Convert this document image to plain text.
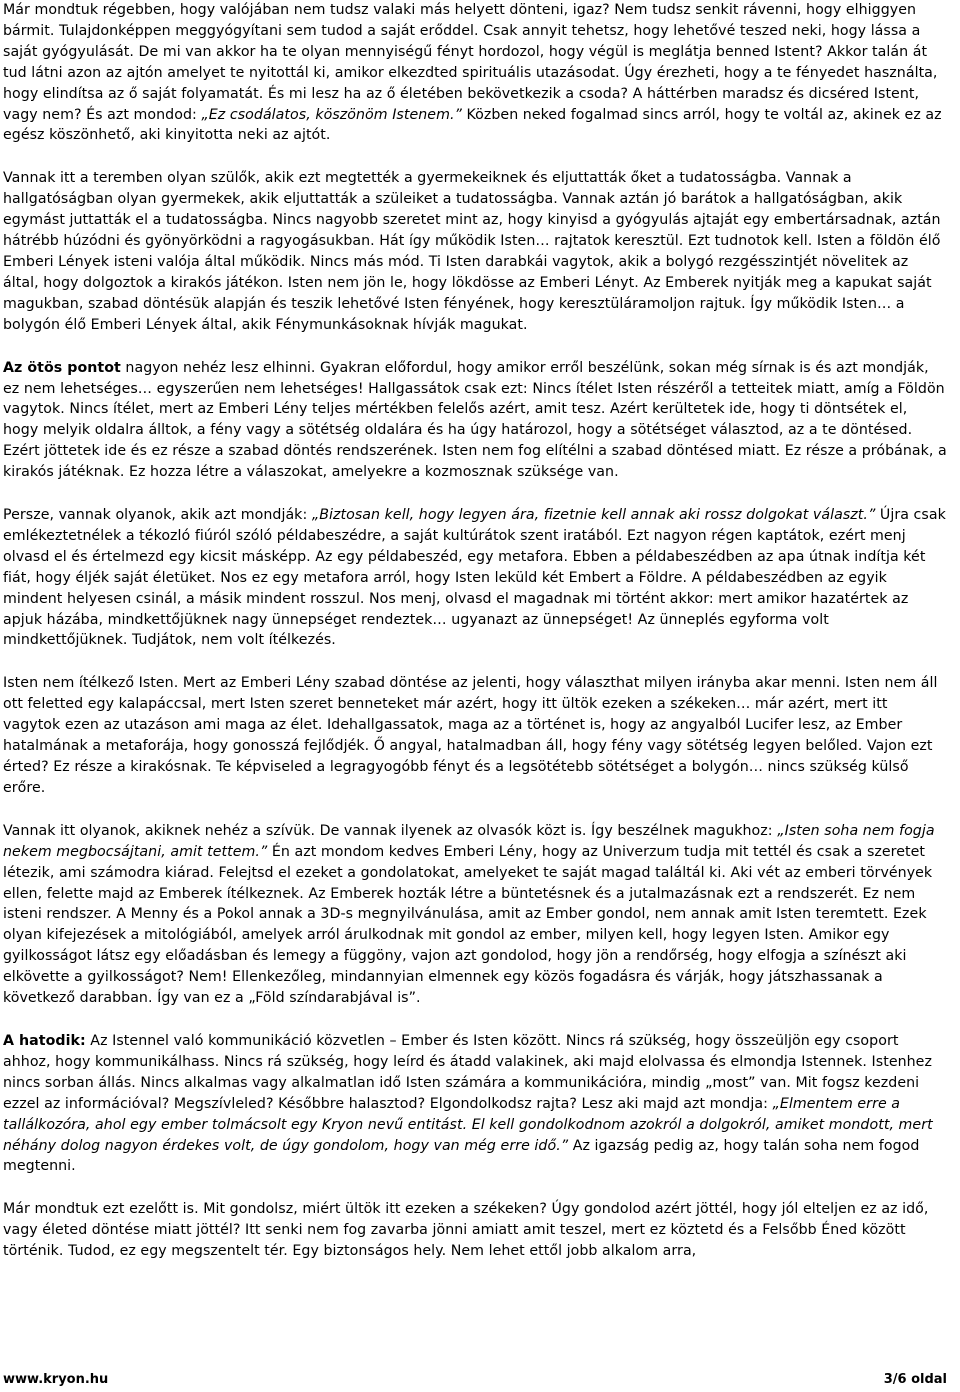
Már mondtuk régebben, hogy valójában nem tudsz valaki más helyett dönteni, igaz? Nem tudsz senkit rávenni, hogy elhiggyen bármit. Tulajdonképpen meggyógyítani sem tudod a saját erőddel. Csak annyit tehetsz, hogy lehetővé teszed neki, hogy lássa a saját gyógyulását. De mi van akkor ha te olyan mennyiségű fényt hordozol, hogy végül is meglátja benned Istent? Akkor talán át tud látni azon az ajtón amelyet te nyitottál ki, amikor elkezdted spirituális utazásodat. Úgy érezheti, hogy a te fényedet használta, hogy elindítsa az ő saját folyamatát. És mi lesz ha az ő életében bekövetkezik a csoda? A háttérben maradsz és dicséred Istent, vagy nem? És azt mondod: „Ez csodálatos, köszönöm Istenem.” Közben neked fogalmad sincs arról, hogy te voltál az, akinek ez az egész köszönhető, aki kinyitotta neki az ajtót.

Vannak itt a teremben olyan szülők, akik ezt megtették a gyermekeiknek és eljuttatták őket a tudatosságba. Vannak a hallgatóságban olyan gyermekek, akik eljuttatták a szüleiket a tudatosságba. Vannak aztán jó barátok a hallgatóságban, akik egymást juttatták el a tudatosságba. Nincs nagyobb szeretet mint az, hogy kinyisd a gyógyulás ajtaját egy embertársadnak, aztán hátrébb húzódni és gyönyörködni a ragyogásukban. Hát így működik Isten… rajtatok keresztül. Ezt tudnotok kell. Isten a földön élő Emberi Lények isteni valója által működik. Nincs más mód. Ti Isten darabkái vagytok, akik a bolygó rezgésszintjét növelitek az által, hogy dolgoztok a kirakós játékon. Isten nem jön le, hogy lökdösse az Emberi Lényt. Az Emberek nyitják meg a kapukat saját magukban, szabad döntésük alapján és teszik lehetővé Isten fényének, hogy keresztüláramoljon rajtuk. Így működik Isten… a bolygón élő Emberi Lények által, akik Fénymunkásoknak hívják magukat.

Az ötös pontot nagyon nehéz lesz elhinni. Gyakran előfordul, hogy amikor erről beszélünk, sokan még sírnak is és azt mondják, ez nem lehetséges… egyszerűen nem lehetséges! Hallgassátok csak ezt: Nincs ítélet Isten részéről a tetteitek miatt, amíg a Földön vagytok. Nincs ítélet, mert az Emberi Lény teljes mértékben felelős azért, amit tesz. Azért kerültetek ide, hogy ti döntsétek el, hogy melyik oldalra álltok, a fény vagy a sötétség oldalára és ha úgy határozol, hogy a sötétséget választod, az a te döntésed. Ezért jöttetek ide és ez része a szabad döntés rendszerének. Isten nem fog elítélni a szabad döntésed miatt. Ez része a próbának, a kirakós játéknak. Ez hozza létre a válaszokat, amelyekre a kozmosznak szüksége van.

Persze, vannak olyanok, akik azt mondják: „Biztosan kell, hogy legyen ára, fizetnie kell annak aki rossz dolgokat választ.” Újra csak emlékeztetnélek a tékozló fiúról szóló példabeszédre, a saját kultúrátok szent iratából. Ezt nagyon régen kaptátok, ezért menj olvasd el és értelmezd egy kicsit másképp. Az egy példabeszéd, egy metafora. Ebben a példabeszédben az apa útnak indítja két fiát, hogy éljék saját életüket. Nos ez egy metafora arról, hogy Isten leküld két Embert a Földre. A példabeszédben az egyik mindent helyesen csinál, a másik mindent rosszul. Nos menj, olvasd el magadnak mi történt akkor: mert amikor hazatértek az apjuk házába, mindkettőjüknek nagy ünnepséget rendeztek… ugyanazt az ünnepséget! Az ünneplés egyforma volt mindkettőjüknek. Tudjátok, nem volt ítélkezés.

Isten nem ítélkező Isten. Mert az Emberi Lény szabad döntése az jelenti, hogy választhat milyen irányba akar menni. Isten nem áll ott feletted egy kalapáccsal, mert Isten szeret benneteket már azért, hogy itt ültök ezeken a székeken… már azért, mert itt vagytok ezen az utazáson ami maga az élet. Idehallgassatok, maga az a történet is, hogy az angyalból Lucifer lesz, az Ember hatalmának a metaforája, hogy gonosszá fejlődjék. Ő angyal, hatalmadban áll, hogy fény vagy sötétség legyen belőled. Vajon ezt érted? Ez része a kirakósnak. Te képviseled a legragyogóbb fényt és a legsötétebb sötétséget a bolygón… nincs szükség külső erőre.

Vannak itt olyanok, akiknek nehéz a szívük. De vannak ilyenek az olvasók közt is. Így beszélnek magukhoz: „Isten soha nem fogja nekem megbocsájtani, amit tettem.” Én azt mondom kedves Emberi Lény, hogy az Univerzum tudja mit tettél és csak a szeretet létezik, ami számodra kiárad. Felejtsd el ezeket a gondolatokat, amelyeket te saját magad találtál ki. Aki vét az emberi törvények ellen, felette majd az Emberek ítélkeznek. Az Emberek hozták létre a büntetésnek és a jutalmazásnak ezt a rendszerét. Ez nem isteni rendszer. A Menny és a Pokol annak a 3D-s megnyilvánulása, amit az Ember gondol, nem annak amit Isten teremtett. Ezek olyan kifejezések a mitológiából, amelyek arról árulkodnak mit gondol az ember, milyen kell, hogy legyen Isten. Amikor egy gyilkosságot látsz egy előadásban és lemegy a függöny, vajon azt gondolod, hogy jön a rendőrség, hogy elfogja a színészt aki elkövette a gyilkosságot? Nem! Ellenkezőleg, mindannyian elmennek egy közös fogadásra és várják, hogy játszhassanak a következő darabban. Így van ez a „Föld színdarabjával is”.

A hatodik: Az Istennel való kommunikáció közvetlen – Ember és Isten között. Nincs rá szükség, hogy összeüljön egy csoport ahhoz, hogy kommunikálhass. Nincs rá szükség, hogy leírd és átadd valakinek, aki majd elolvassa és elmondja Istennek. Istenhez nincs sorban állás. Nincs alkalmas vagy alkalmatlan idő Isten számára a kommunikációra, mindig „most” van. Mit fogsz kezdeni ezzel az információval? Megszívleled? Későbbre halasztod? Elgondolkodsz rajta? Lesz aki majd azt mondja: „Elmentem erre a tallálkozóra, ahol egy ember tolmácsolt egy Kryon nevű entitást. El kell gondolkodnom azokról a dolgokról, amiket mondott, mert néhány dolog nagyon érdekes volt, de úgy gondolom, hogy van még erre idő.” Az igazság pedig az, hogy talán soha nem fogod megtenni.

Már mondtuk ezt ezelőtt is. Mit gondolsz, miért ültök itt ezeken a székeken? Úgy gondolod azért jöttél, hogy jól elteljen ez az idő, vagy életed döntése miatt jöttél? Itt senki nem fog zavarba jönni amiatt amit teszel, mert ez köztetd és a Felsőbb Éned között történik. Tudod, ez egy megszentelt tér. Egy biztonságos hely. Nem lehet ettől jobb alkalom arra,

www.kryon.hu	3/6 oldal
